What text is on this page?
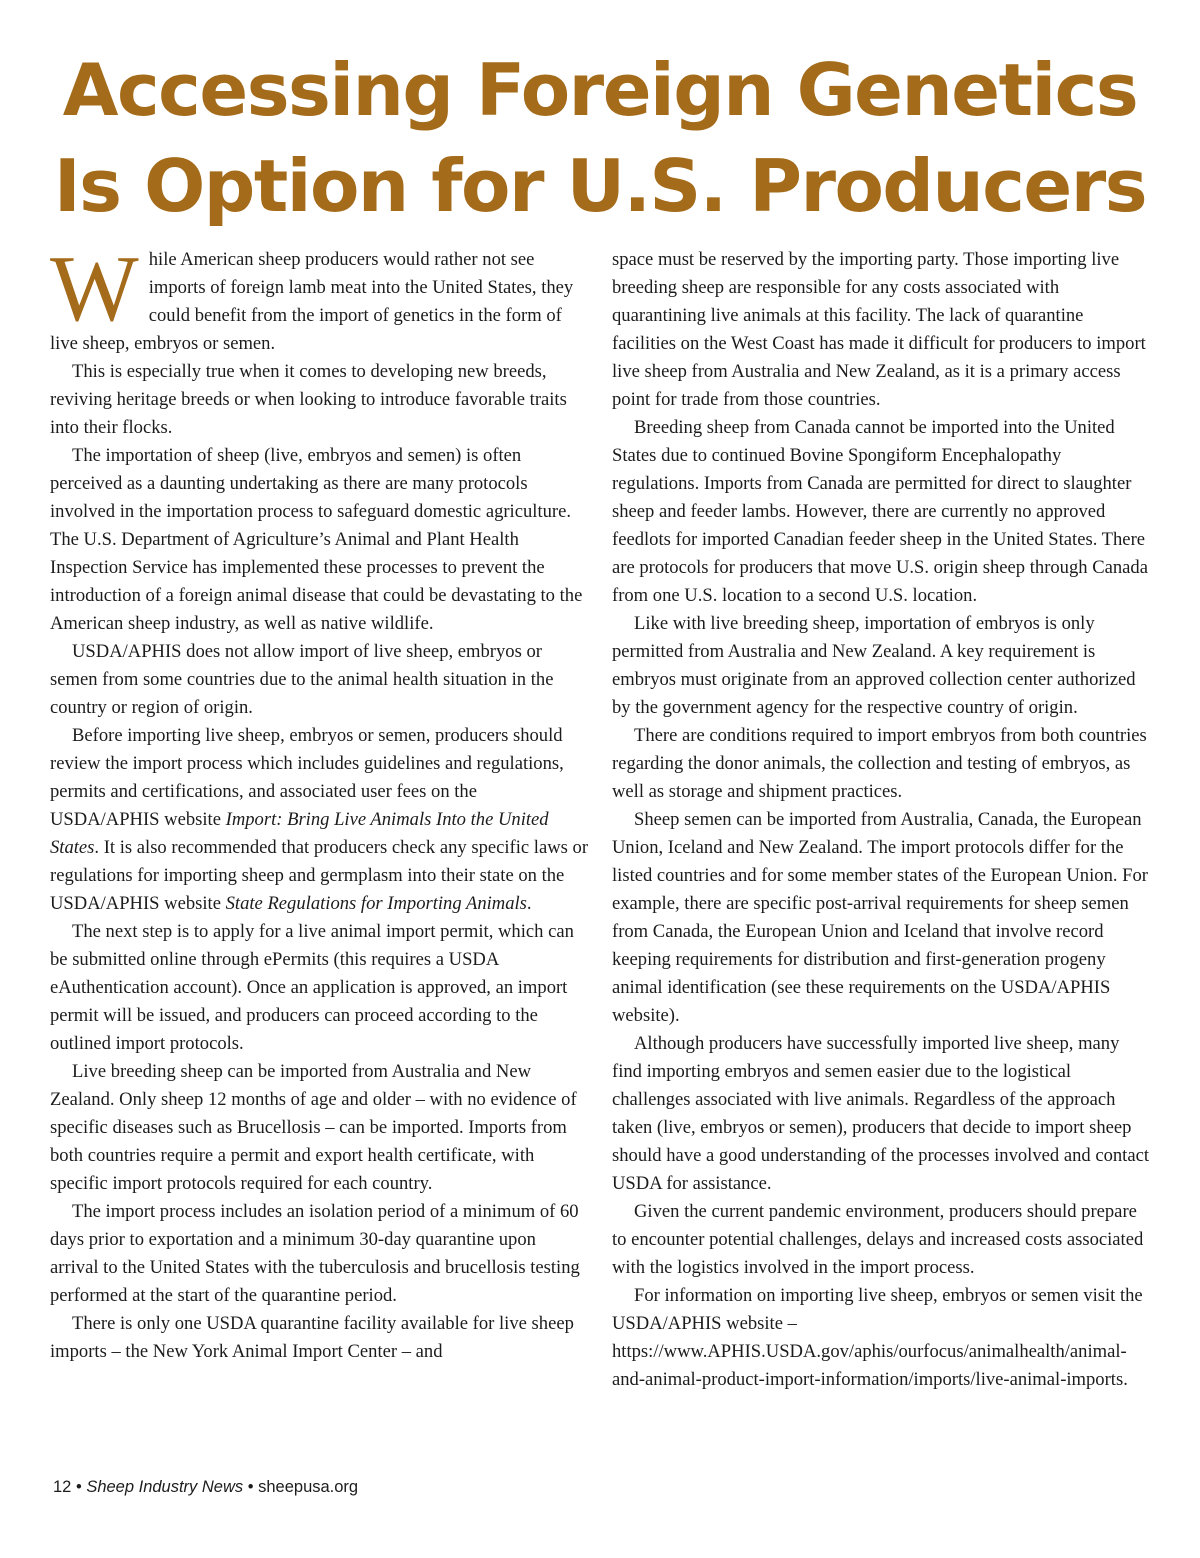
Accessing Foreign Genetics
Is Option for U.S. Producers

While American sheep producers would rather not see imports of foreign lamb meat into the United States, they could benefit from the import of genetics in the form of live sheep, embryos or semen.

This is especially true when it comes to developing new breeds, reviving heritage breeds or when looking to introduce favorable traits into their flocks.

The importation of sheep (live, embryos and semen) is often perceived as a daunting undertaking as there are many protocols involved in the importation process to safeguard domestic agriculture. The U.S. Department of Agriculture’s Animal and Plant Health Inspection Service has implemented these processes to prevent the introduction of a foreign animal disease that could be devastating to the American sheep industry, as well as native wildlife.

USDA/APHIS does not allow import of live sheep, embryos or semen from some countries due to the animal health situation in the country or region of origin.

Before importing live sheep, embryos or semen, producers should review the import process which includes guidelines and regulations, permits and certifications, and associated user fees on the USDA/APHIS website Import: Bring Live Animals Into the United States. It is also recommended that producers check any specific laws or regulations for importing sheep and germplasm into their state on the USDA/APHIS website State Regulations for Importing Animals.

The next step is to apply for a live animal import permit, which can be submitted online through ePermits (this requires a USDA eAuthentication account). Once an application is approved, an import permit will be issued, and producers can proceed according to the outlined import protocols.

Live breeding sheep can be imported from Australia and New Zealand. Only sheep 12 months of age and older – with no evidence of specific diseases such as Brucellosis – can be imported. Imports from both countries require a permit and export health certificate, with specific import protocols required for each country.

The import process includes an isolation period of a minimum of 60 days prior to exportation and a minimum 30-day quarantine upon arrival to the United States with the tuberculosis and brucellosis testing performed at the start of the quarantine period.

There is only one USDA quarantine facility available for live sheep imports – the New York Animal Import Center – and

space must be reserved by the importing party. Those importing live breeding sheep are responsible for any costs associated with quarantining live animals at this facility. The lack of quarantine facilities on the West Coast has made it difficult for producers to import live sheep from Australia and New Zealand, as it is a primary access point for trade from those countries.

Breeding sheep from Canada cannot be imported into the United States due to continued Bovine Spongiform Encephalopathy regulations. Imports from Canada are permitted for direct to slaughter sheep and feeder lambs. However, there are currently no approved feedlots for imported Canadian feeder sheep in the United States. There are protocols for producers that move U.S. origin sheep through Canada from one U.S. location to a second U.S. location.

Like with live breeding sheep, importation of embryos is only permitted from Australia and New Zealand. A key requirement is embryos must originate from an approved collection center authorized by the government agency for the respective country of origin.

There are conditions required to import embryos from both countries regarding the donor animals, the collection and testing of embryos, as well as storage and shipment practices.

Sheep semen can be imported from Australia, Canada, the European Union, Iceland and New Zealand. The import protocols differ for the listed countries and for some member states of the European Union. For example, there are specific post-arrival requirements for sheep semen from Canada, the European Union and Iceland that involve record keeping requirements for distribution and first-generation progeny animal identification (see these requirements on the USDA/APHIS website).

Although producers have successfully imported live sheep, many find importing embryos and semen easier due to the logistical challenges associated with live animals. Regardless of the approach taken (live, embryos or semen), producers that decide to import sheep should have a good understanding of the processes involved and contact USDA for assistance.

Given the current pandemic environment, producers should prepare to encounter potential challenges, delays and increased costs associated with the logistics involved in the import process.

For information on importing live sheep, embryos or semen visit the USDA/APHIS website – https://www.APHIS.USDA.gov/aphis/ourfocus/animalhealth/animal-and-animal-product-import-information/imports/live-animal-imports.

12 • Sheep Industry News • sheepusa.org
